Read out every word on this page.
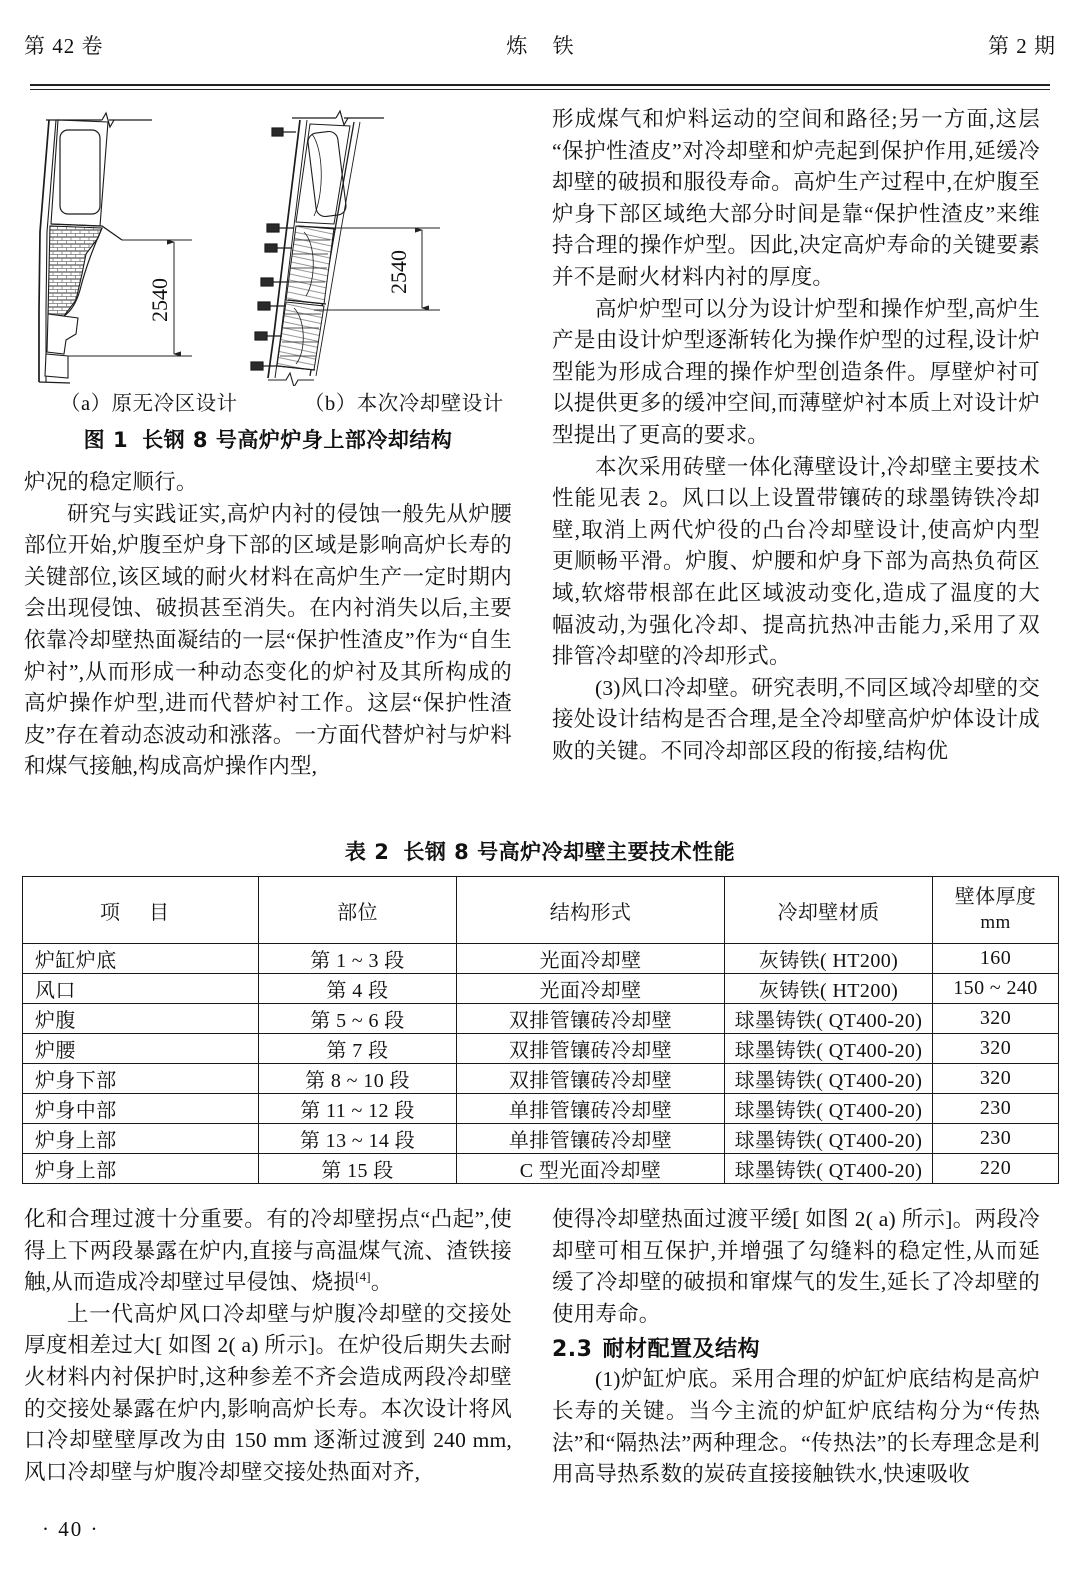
第 42 卷	炼 铁	第 2 期
2540
2540
（a）原无冷区设计	（b）本次冷却壁设计
图 1 长钢 8 号高炉炉身上部冷却结构

炉况的稳定顺行。

研究与实践证实,高炉内衬的侵蚀一般先从炉腰部位开始,炉腹至炉身下部的区域是影响高炉长寿的关键部位,该区域的耐火材料在高炉生产一定时期内会出现侵蚀、破损甚至消失。在内衬消失以后,主要依靠冷却壁热面凝结的一层“保护性渣皮”作为“自生炉衬”,从而形成一种动态变化的炉衬及其所构成的高炉操作炉型,进而代替炉衬工作。这层“保护性渣皮”存在着动态波动和涨落。一方面代替炉衬与炉料和煤气接触,构成高炉操作内型,

形成煤气和炉料运动的空间和路径;另一方面,这层“保护性渣皮”对冷却壁和炉壳起到保护作用,延缓冷却壁的破损和服役寿命。高炉生产过程中,在炉腹至炉身下部区域绝大部分时间是靠“保护性渣皮”来维持合理的操作炉型。因此,决定高炉寿命的关键要素并不是耐火材料内衬的厚度。

高炉炉型可以分为设计炉型和操作炉型,高炉生产是由设计炉型逐渐转化为操作炉型的过程,设计炉型能为形成合理的操作炉型创造条件。厚壁炉衬可以提供更多的缓冲空间,而薄壁炉衬本质上对设计炉型提出了更高的要求。

本次采用砖壁一体化薄壁设计,冷却壁主要技术性能见表 2。风口以上设置带镶砖的球墨铸铁冷却壁,取消上两代炉役的凸台冷却壁设计,使高炉内型更顺畅平滑。炉腹、炉腰和炉身下部为高热负荷区域,软熔带根部在此区域波动变化,造成了温度的大幅波动,为强化冷却、提高抗热冲击能力,采用了双排管冷却壁的冷却形式。

(3)风口冷却壁。研究表明,不同区域冷却壁的交接处设计结构是否合理,是全冷却壁高炉炉体设计成败的关键。不同冷却部区段的衔接,结构优

表 2 长钢 8 号高炉冷却壁主要技术性能
项 目	部位	结构形式	冷却壁材质	壁体厚度
mm

炉缸炉底	第 1 ~ 3 段	光面冷却壁	灰铸铁( HT200)	160
风口	第 4 段	光面冷却壁	灰铸铁( HT200)	150 ~ 240
炉腹	第 5 ~ 6 段	双排管镶砖冷却壁	球墨铸铁( QT400-20)	320
炉腰	第 7 段	双排管镶砖冷却壁	球墨铸铁( QT400-20)	320
炉身下部	第 8 ~ 10 段	双排管镶砖冷却壁	球墨铸铁( QT400-20)	320
炉身中部	第 11 ~ 12 段	单排管镶砖冷却壁	球墨铸铁( QT400-20)	230
炉身上部	第 13 ~ 14 段	单排管镶砖冷却壁	球墨铸铁( QT400-20)	230
炉身上部	第 15 段	C 型光面冷却壁	球墨铸铁( QT400-20)	220

化和合理过渡十分重要。有的冷却壁拐点“凸起”,使得上下两段暴露在炉内,直接与高温煤气流、渣铁接触,从而造成冷却壁过早侵蚀、烧损[4]。

上一代高炉风口冷却壁与炉腹冷却壁的交接处厚度相差过大[ 如图 2( a) 所示]。在炉役后期失去耐火材料内衬保护时,这种参差不齐会造成两段冷却壁的交接处暴露在炉内,影响高炉长寿。本次设计将风口冷却壁壁厚改为由 150 mm 逐渐过渡到 240 mm,风口冷却壁与炉腹冷却壁交接处热面对齐,

使得冷却壁热面过渡平缓[ 如图 2( a) 所示]。两段冷却壁可相互保护,并增强了勾缝料的稳定性,从而延缓了冷却壁的破损和窜煤气的发生,延长了冷却壁的使用寿命。

2.3 耐材配置及结构

(1)炉缸炉底。采用合理的炉缸炉底结构是高炉长寿的关键。当今主流的炉缸炉底结构分为“传热法”和“隔热法”两种理念。“传热法”的长寿理念是利用高导热系数的炭砖直接接触铁水,快速吸收

· 40 ·
